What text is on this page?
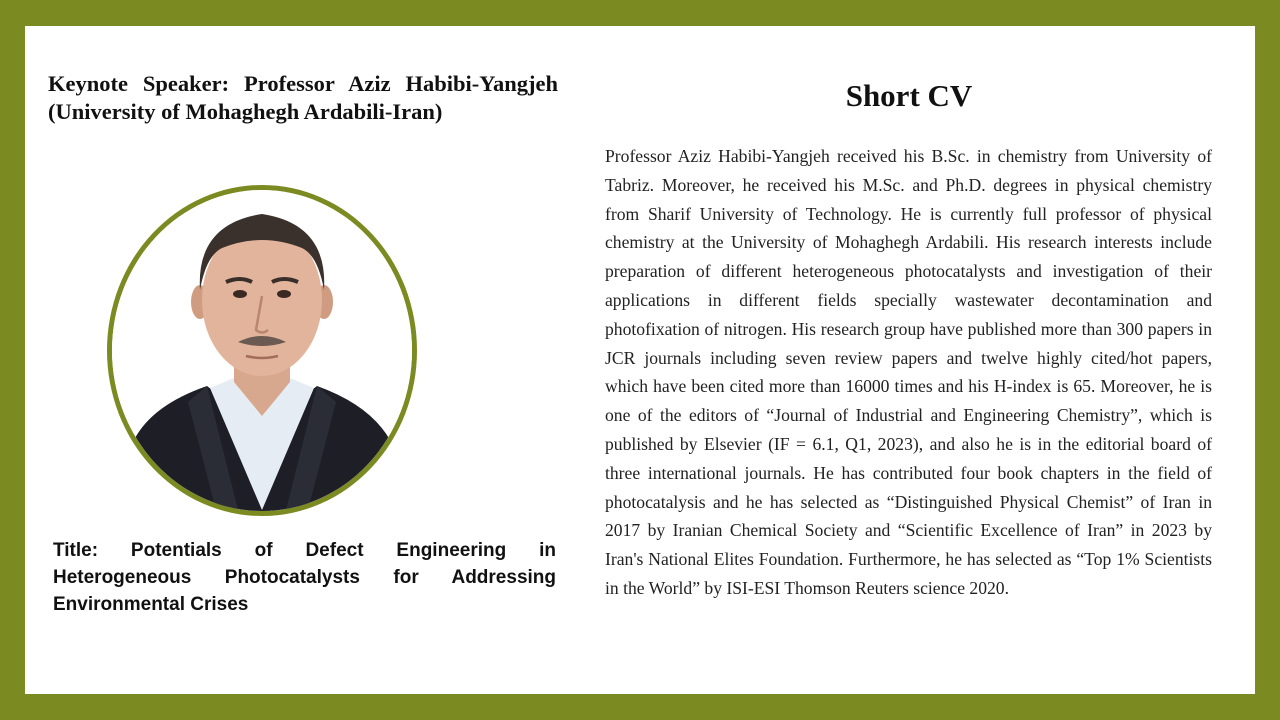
Keynote Speaker: Professor Aziz Habibi-Yangjeh
(University of Mohaghegh Ardabili-Iran)
Title: Potentials of Defect Engineering in Heterogeneous Photocatalysts for Addressing Environmental Crises
Short CV
Professor Aziz Habibi-Yangjeh received his B.Sc. in chemistry from University of Tabriz. Moreover, he received his M.Sc. and Ph.D. degrees in physical chemistry from Sharif University of Technology. He is currently full professor of physical chemistry at the University of Mohaghegh Ardabili. His research interests include preparation of different heterogeneous photocatalysts and investigation of their applications in different fields specially wastewater decontamination and photofixation of nitrogen. His research group have published more than 300 papers in JCR journals including seven review papers and twelve highly cited/hot papers, which have been cited more than 16000 times and his H-index is 65. Moreover, he is one of the editors of “Journal of Industrial and Engineering Chemistry”, which is published by Elsevier (IF = 6.1, Q1, 2023), and also he is in the editorial board of three international journals. He has contributed four book chapters in the field of photocatalysis and he has selected as “Distinguished Physical Chemist” of Iran in 2017 by Iranian Chemical Society and “Scientific Excellence of Iran” in 2023 by Iran's National Elites Foundation. Furthermore, he has selected as “Top 1% Scientists in the World” by ISI-ESI Thomson Reuters science 2020.
